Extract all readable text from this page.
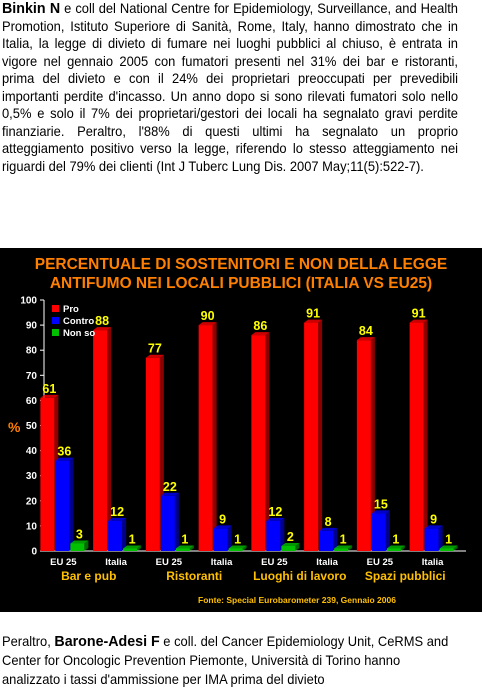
Binkin N e coll del National Centre for Epidemiology, Surveillance, and Health Promotion, Istituto Superiore di Sanità, Rome, Italy, hanno dimostrato che in Italia, la legge di divieto di fumare nei luoghi pubblici al chiuso, è entrata in vigore nel gennaio 2005 con fumatori presenti nel 31% dei bar e ristoranti, prima del divieto e con il 24% dei proprietari preoccupati per prevedibili importanti perdite d'incasso. Un anno dopo si sono rilevati fumatori solo nello 0,5% e solo il 7% dei proprietari/gestori dei locali ha segnalato gravi perdite finanziarie. Peraltro, l'88% di questi ultimi ha segnalato un proprio atteggiamento positivo verso la legge, riferendo lo stesso atteggiamento nei riguardi del 79% dei clienti (Int J Tuberc Lung Dis. 2007 May;11(5):522-7).
PERCENTUALE DI SOSTENITORI E NON DELLA LEGGE
ANTIFUMO NEI LOCALI PUBBLICI (ITALIA VS EU25)
%
Fonte: Special Eurobarometer 239, Gennaio 2006
0
10
20
30
40
50
60
70
80
90
100
61
36
3
EU 25
88
12
1
Italia
77
22
1
EU 25
90
9
1
Italia
86
12
2
EU 25
91
8
1
Italia
84
15
1
EU 25
91
9
1
Italia
Bar e pub	Ristoranti	Luoghi di lavoro Spazi pubblici
Pro
Contro
Non so
Peraltro, Barone-Adesi F e coll. del Cancer Epidemiology Unit, CeRMS and Center for Oncologic Prevention Piemonte, Università di Torino hanno analizzato i tassi d'ammissione per IMA prima del divieto
